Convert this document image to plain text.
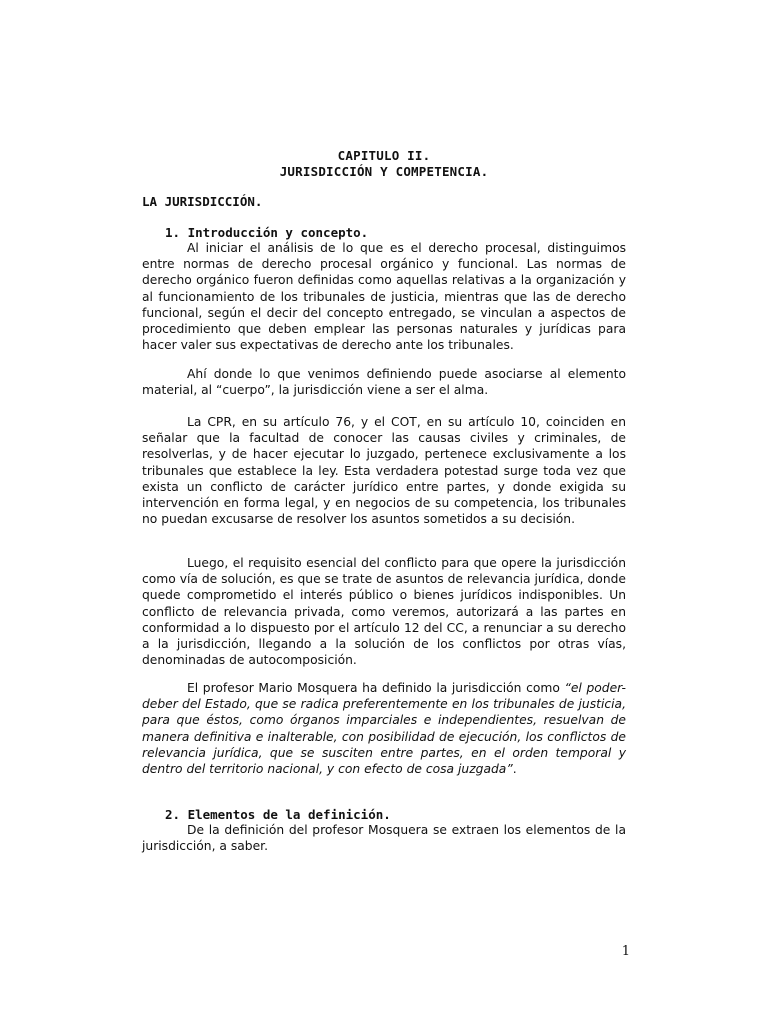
CAPITULO II.
JURISDICCIÓN Y COMPETENCIA.
LA JURISDICCIÓN.
1. Introducción y concepto.
Al iniciar el análisis de lo que es el derecho procesal, distinguimos entre normas de derecho procesal orgánico y funcional. Las normas de derecho orgánico fueron definidas como aquellas relativas a la organización y al funcionamiento de los tribunales de justicia, mientras que las de derecho funcional, según el decir del concepto entregado, se vinculan a aspectos de procedimiento que deben emplear las personas naturales y jurídicas para hacer valer sus expectativas de derecho ante los tribunales.
Ahí donde lo que venimos definiendo puede asociarse al elemento material, al “cuerpo”, la jurisdicción viene a ser el alma.
La CPR, en su artículo 76, y el COT, en su artículo 10, coinciden en señalar que la facultad de conocer las causas civiles y criminales, de resolverlas, y de hacer ejecutar lo juzgado, pertenece exclusivamente a los tribunales que establece la ley. Esta verdadera potestad surge toda vez que exista un conflicto de carácter jurídico entre partes, y donde exigida su intervención en forma legal, y en negocios de su competencia, los tribunales no puedan excusarse de resolver los asuntos sometidos a su decisión.
Luego, el requisito esencial del conflicto para que opere la jurisdicción como vía de solución, es que se trate de asuntos de relevancia jurídica, donde quede comprometido el interés público o bienes jurídicos indisponibles. Un conflicto de relevancia privada, como veremos, autorizará a las partes en conformidad a lo dispuesto por el artículo 12 del CC, a renunciar a su derecho a la jurisdicción, llegando a la solución de los conflictos por otras vías, denominadas de autocomposición.
El profesor Mario Mosquera ha definido la jurisdicción como “el poder-deber del Estado, que se radica preferentemente en los tribunales de justicia, para que éstos, como órganos imparciales e independientes, resuelvan de manera definitiva e inalterable, con posibilidad de ejecución, los conflictos de relevancia jurídica, que se susciten entre partes, en el orden temporal y dentro del territorio nacional, y con efecto de cosa juzgada”.
2. Elementos de la definición.
De la definición del profesor Mosquera se extraen los elementos de la jurisdicción, a saber.
1
